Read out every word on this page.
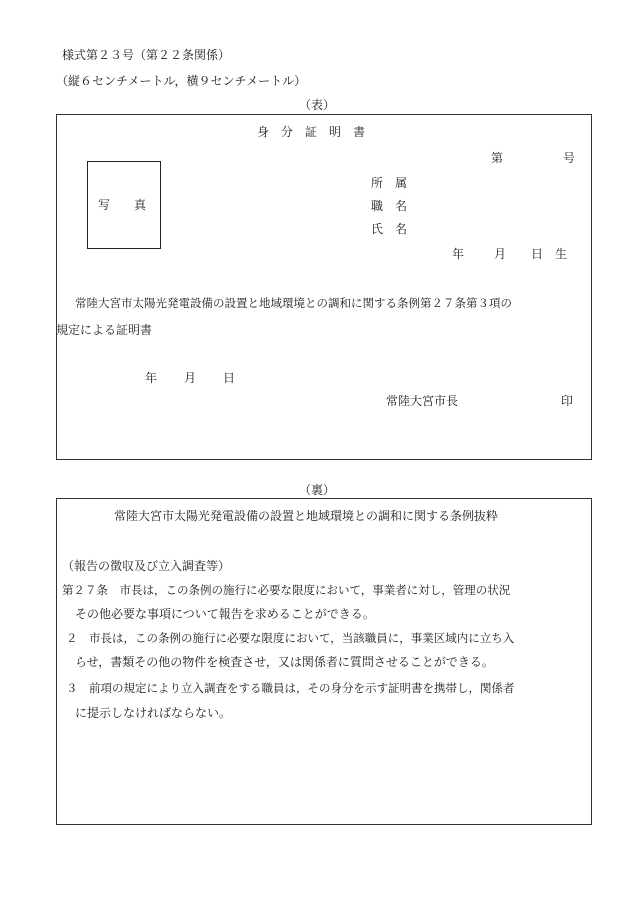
様式第２３号（第２２条関係）
（縦６センチメートル，横９センチメートル）
（表）
身　分　証　明　書
第	号
写　　真
所　属
職　名
氏　名
年 月 日　生
常陸大宮市太陽光発電設備の設置と地域環境との調和に関する条例第２７条第３項の
規定による証明書
年 月 日
常陸大宮市長	印
（裏）
常陸大宮市太陽光発電設備の設置と地域環境との調和に関する条例抜粋
（報告の徴収及び立入調査等）
第２７条　市長は，この条例の施行に必要な限度において，事業者に対し，管理の状況
その他必要な事項について報告を求めることができる。
２　市長は，この条例の施行に必要な限度において，当該職員に，事業区域内に立ち入
らせ，書類その他の物件を検査させ，又は関係者に質問させることができる。
３　前項の規定により立入調査をする職員は，その身分を示す証明書を携帯し，関係者
に提示しなければならない。
